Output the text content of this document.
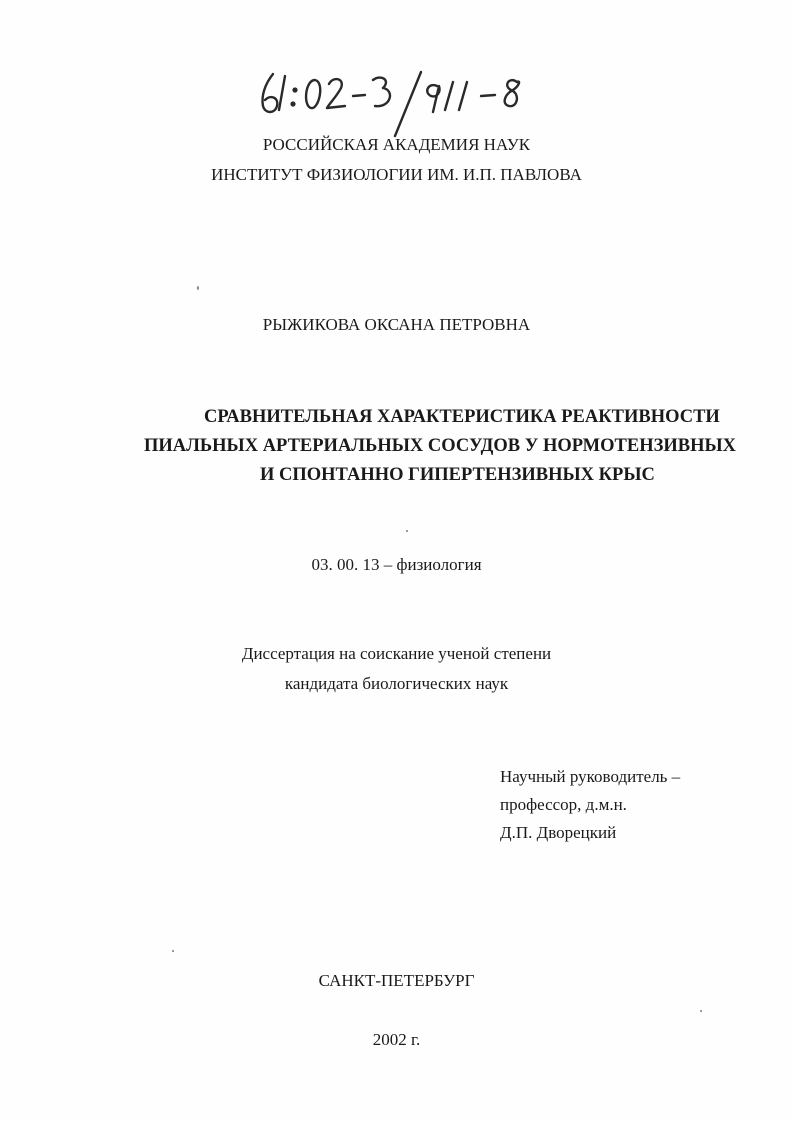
РОССИЙСКАЯ АКАДЕМИЯ НАУК
ИНСТИТУТ ФИЗИОЛОГИИ ИМ. И.П. ПАВЛОВА
РЫЖИКОВА ОКСАНА ПЕТРОВНА
СРАВНИТЕЛЬНАЯ ХАРАКТЕРИСТИКА РЕАКТИВНОСТИ
ПИАЛЬНЫХ АРТЕРИАЛЬНЫХ СОСУДОВ У НОРМОТЕНЗИВНЫХ
И СПОНТАННО ГИПЕРТЕНЗИВНЫХ КРЫС
03. 00. 13 – физиология
Диссертация на соискание ученой степени
кандидата биологических наук
Научный руководитель –
профессор, д.м.н.
Д.П. Дворецкий
САНКТ-ПЕТЕРБУРГ
2002 г.
